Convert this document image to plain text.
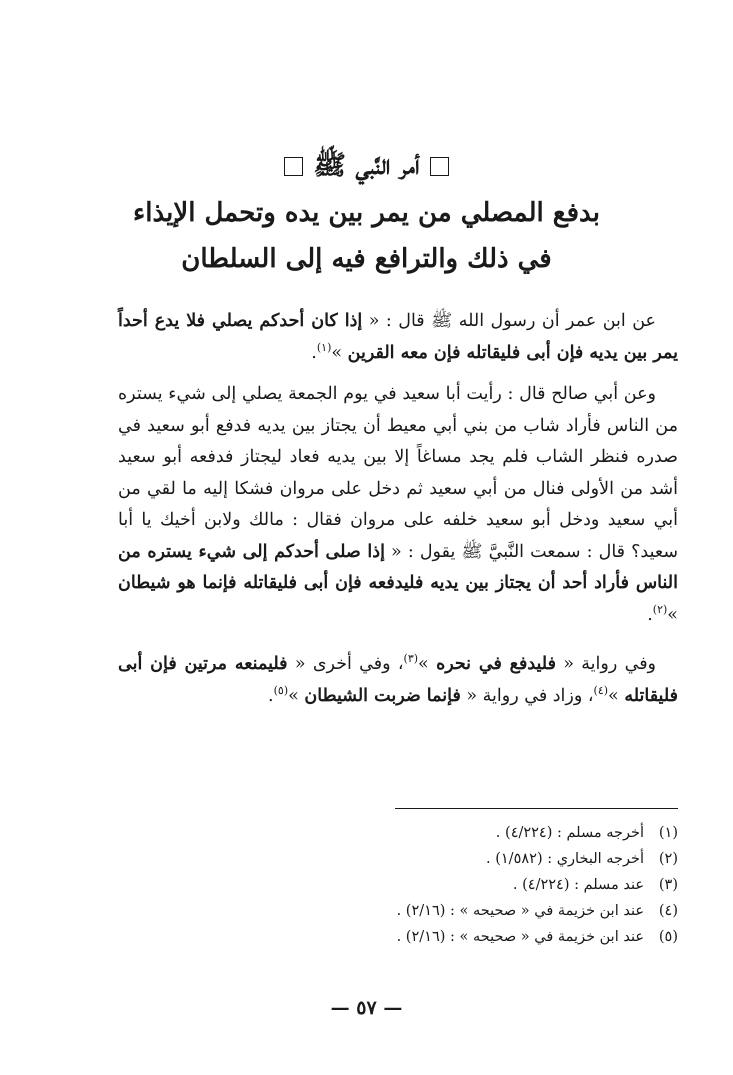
أمر النَّبي ﷺ
بدفع المصلي من يمر بين يده وتحمل الإيذاء
في ذلك والترافع فيه إلى السلطان

عن ابن عمر أن رسول الله ﷺ قال : « إذا كان أحدكم يصلي فلا يدع أحداً يمر بين يديه فإن أبى فليقاتله فإن معه القرين »$^{(١)}$.

وعن أبي صالح قال : رأيت أبا سعيد في يوم الجمعة يصلي إلى شيء يستره من الناس فأراد شاب من بني أبي معيط أن يجتاز بين يديه فدفع أبو سعيد في صدره فنظر الشاب فلم يجد مساغاً إلا بين يديه فعاد ليجتاز فدفعه أبو سعيد أشد من الأولى فنال من أبي سعيد ثم دخل على مروان فشكا إليه ما لقي من أبي سعيد ودخل أبو سعيد خلفه على مروان فقال : مالك ولابن أخيك يا أبا سعيد؟ قال : سمعت النَّبيَّ ﷺ يقول : « إذا صلى أحدكم إلى شيء يستره من الناس فأراد أحد أن يجتاز بين يديه فليدفعه فإن أبى فليقاتله فإنما هو شيطان »$^{(٢)}$.

وفي رواية « فليدفع في نحره »$^{(٣)}$، وفي أخرى « فليمنعه مرتين فإن أبى فليقاتله »$^{(٤)}$، وزاد في رواية « فإنما ضربت الشيطان »$^{(٥)}$.

(١)أخرجه مسلم : (٤/٢٢٤) .
(٢)أخرجه البخاري : (١/٥٨٢) .
(٣)عند مسلم : (٤/٢٢٤) .
(٤)عند ابن خزيمة في « صحيحه » : (٢/١٦) .
(٥)عند ابن خزيمة في « صحيحه » : (٢/١٦) .
— ٥٧ —
